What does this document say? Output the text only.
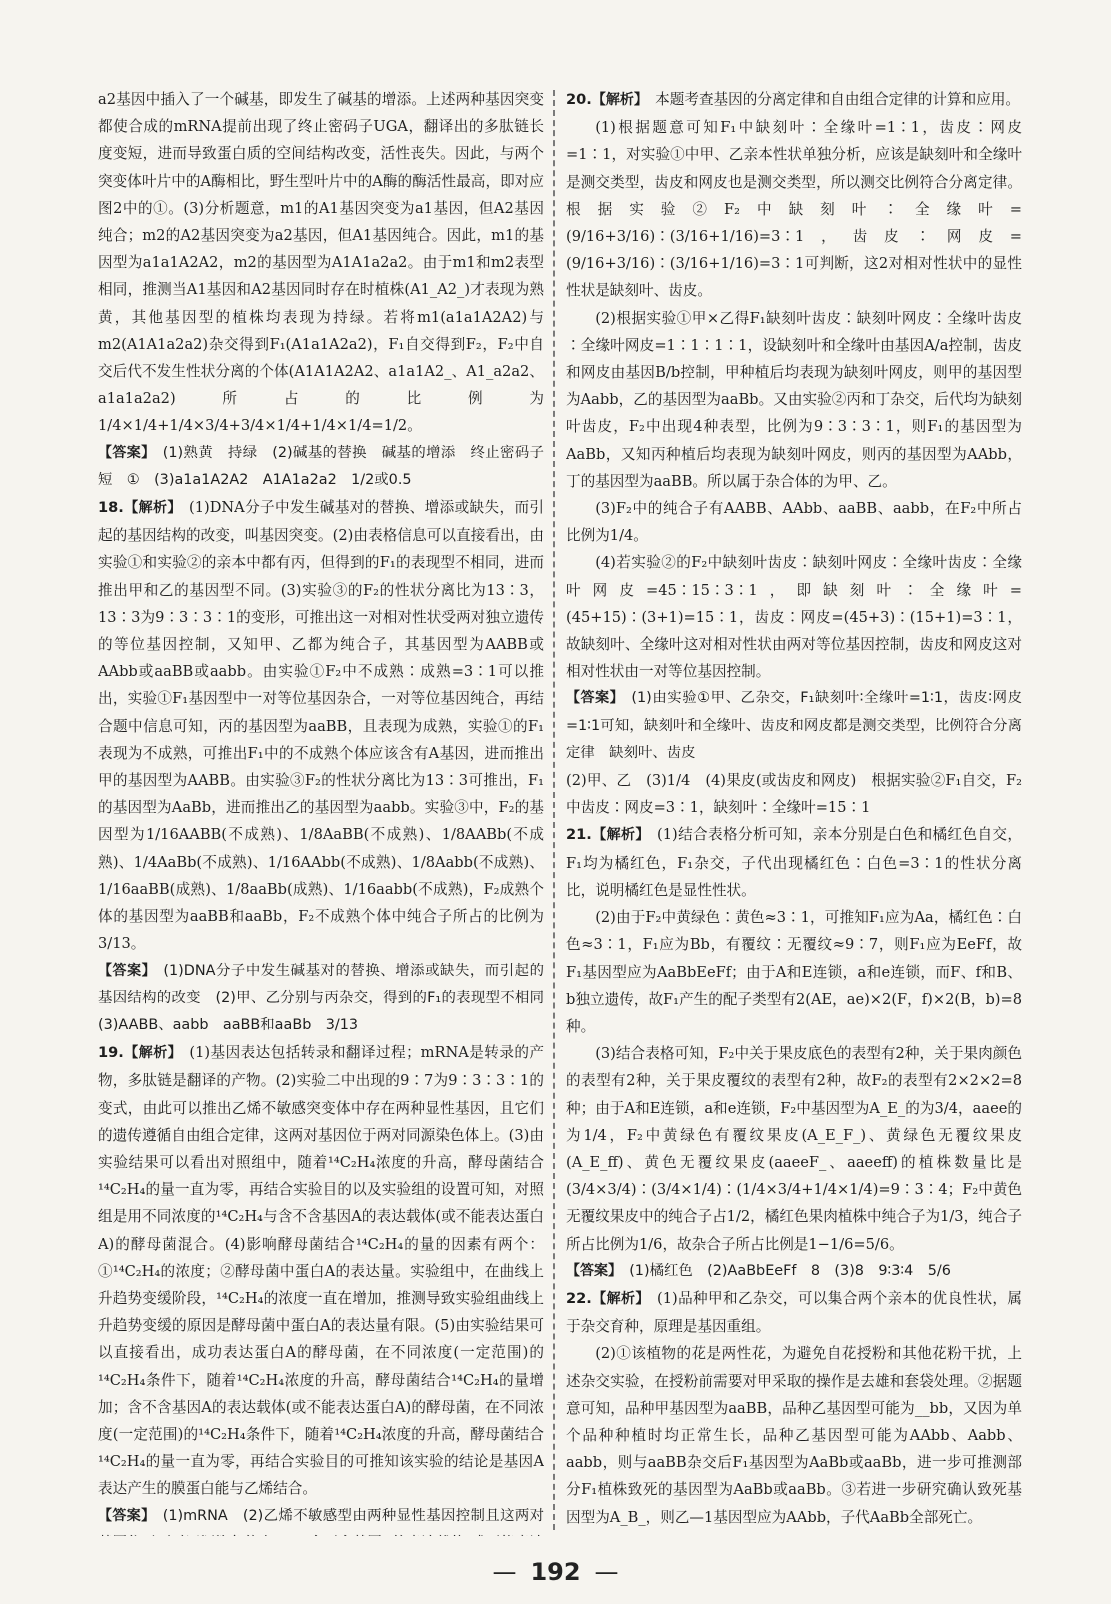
a2基因中插入了一个碱基，即发生了碱基的增添。上述两种基因突变都使合成的mRNA提前出现了终止密码子UGA，翻译出的多肽链长度变短，进而导致蛋白质的空间结构改变，活性丧失。因此，与两个突变体叶片中的A酶相比，野生型叶片中的A酶的酶活性最高，即对应图2中的①。(3)分析题意，m1的A1基因突变为a1基因，但A2基因纯合；m2的A2基因突变为a2基因，但A1基因纯合。因此，m1的基因型为a1a1A2A2，m2的基因型为A1A1a2a2。由于m1和m2表型相同，推测当A1基因和A2基因同时存在时植株(A1_A2_)才表现为熟黄，其他基因型的植株均表现为持绿。若将m1(a1a1A2A2)与m2(A1A1a2a2)杂交得到F₁(A1a1A2a2)，F₁自交得到F₂，F₂中自交后代不发生性状分离的个体(A1A1A2A2、a1a1A2_、A1_a2a2、a1a1a2a2)所占的比例为1/4×1/4+1/4×3/4+3/4×1/4+1/4×1/4=1/2。

【答案】 (1)熟黄　持绿　(2)碱基的替换　碱基的增添　终止密码子　短　①　(3)a1a1A2A2　A1A1a2a2　1/2或0.5

18.【解析】 (1)DNA分子中发生碱基对的替换、增添或缺失，而引起的基因结构的改变，叫基因突变。(2)由表格信息可以直接看出，由实验①和实验②的亲本中都有丙，但得到的F₁的表现型不相同，进而推出甲和乙的基因型不同。(3)实验③的F₂的性状分离比为13∶3，13∶3为9∶3∶3∶1的变形，可推出这一对相对性状受两对独立遗传的等位基因控制，又知甲、乙都为纯合子，其基因型为AABB或AAbb或aaBB或aabb。由实验①F₂中不成熟∶成熟=3∶1可以推出，实验①F₁基因型中一对等位基因杂合，一对等位基因纯合，再结合题中信息可知，丙的基因型为aaBB，且表现为成熟，实验①的F₁表现为不成熟，可推出F₁中的不成熟个体应该含有A基因，进而推出甲的基因型为AABB。由实验③F₂的性状分离比为13∶3可推出，F₁的基因型为AaBb，进而推出乙的基因型为aabb。实验③中，F₂的基因型为1/16AABB(不成熟)、1/8AaBB(不成熟)、1/8AABb(不成熟)、1/4AaBb(不成熟)、1/16AAbb(不成熟)、1/8Aabb(不成熟)、1/16aaBB(成熟)、1/8aaBb(成熟)、1/16aabb(不成熟)，F₂成熟个体的基因型为aaBB和aaBb，F₂不成熟个体中纯合子所占的比例为3/13。

【答案】 (1)DNA分子中发生碱基对的替换、增添或缺失，而引起的基因结构的改变　(2)甲、乙分别与丙杂交，得到的F₁的表现型不相同　(3)AABB、aabb　aaBB和aaBb　3/13

19.【解析】 (1)基因表达包括转录和翻译过程；mRNA是转录的产物，多肽链是翻译的产物。(2)实验二中出现的9∶7为9∶3∶3∶1的变式，由此可以推出乙烯不敏感突变体中存在两种显性基因，且它们的遗传遵循自由组合定律，这两对基因位于两对同源染色体上。(3)由实验结果可以看出对照组中，随着¹⁴C₂H₄浓度的升高，酵母菌结合¹⁴C₂H₄的量一直为零，再结合实验目的以及实验组的设置可知，对照组是用不同浓度的¹⁴C₂H₄与含不含基因A的表达载体(或不能表达蛋白A)的酵母菌混合。(4)影响酵母菌结合¹⁴C₂H₄的量的因素有两个：①¹⁴C₂H₄的浓度；②酵母菌中蛋白A的表达量。实验组中，在曲线上升趋势变缓阶段，¹⁴C₂H₄的浓度一直在增加，推测导致实验组曲线上升趋势变缓的原因是酵母菌中蛋白A的表达量有限。(5)由实验结果可以直接看出，成功表达蛋白A的酵母菌，在不同浓度(一定范围)的¹⁴C₂H₄条件下，随着¹⁴C₂H₄浓度的升高，酵母菌结合¹⁴C₂H₄的量增加；含不含基因A的表达载体(或不能表达蛋白A)的酵母菌，在不同浓度(一定范围)的¹⁴C₂H₄条件下，随着¹⁴C₂H₄浓度的升高，酵母菌结合¹⁴C₂H₄的量一直为零，再结合实验目的可推知该实验的结论是基因A表达产生的膜蛋白能与乙烯结合。

【答案】 (1)mRNA　(2)乙烯不敏感型由两种显性基因控制且这两对　　　

20.【解析】 本题考查基因的分离定律和自由组合定律的计算和应用。

(1)根据题意可知F₁中缺刻叶∶全缘叶=1∶1，齿皮∶网皮=1∶1，对实验①中甲、乙亲本性状单独分析，应该是缺刻叶和全缘叶是测交类型，齿皮和网皮也是测交类型，所以测交比例符合分离定律。根据实验②F₂中缺刻叶∶全缘叶=(9/16+3/16)∶(3/16+1/16)=3∶1，齿皮∶网皮=(9/16+3/16)∶(3/16+1/16)=3∶1可判断，这2对相对性状中的显性性状是缺刻叶、齿皮。

(2)根据实验①甲×乙得F₁缺刻叶齿皮∶缺刻叶网皮∶全缘叶齿皮∶全缘叶网皮=1∶1∶1∶1，设缺刻叶和全缘叶由基因A/a控制，齿皮和网皮由基因B/b控制，甲种植后均表现为缺刻叶网皮，则甲的基因型为Aabb，乙的基因型为aaBb。又由实验②丙和丁杂交，后代均为缺刻叶齿皮，F₂中出现4种表型，比例为9∶3∶3∶1，则F₁的基因型为AaBb，又知丙种植后均表现为缺刻叶网皮，则丙的基因型为AAbb，丁的基因型为aaBB。所以属于杂合体的为甲、乙。

(3)F₂中的纯合子有AABB、AAbb、aaBB、aabb，在F₂中所占比例为1/4。

(4)若实验②的F₂中缺刻叶齿皮∶缺刻叶网皮∶全缘叶齿皮∶全缘叶网皮=45∶15∶3∶1，即缺刻叶∶全缘叶=(45+15)∶(3+1)=15∶1，齿皮∶网皮=(45+3)∶(15+1)=3∶1，故缺刻叶、全缘叶这对相对性状由两对等位基因控制，齿皮和网皮这对相对性状由一对等位基因控制。

【答案】 (1)由实验①甲、乙杂交，F₁缺刻叶∶全缘叶=1∶1，齿皮∶网皮=1∶1可知，缺刻叶和全缘叶、齿皮和网皮都是测交类型，比例符合分离定律　缺刻叶、齿皮

(2)甲、乙　(3)1/4　(4)果皮(或齿皮和网皮)　根据实验②F₁自交，F₂中齿皮∶网皮=3∶1，缺刻叶∶全缘叶=15∶1

21.【解析】 (1)结合表格分析可知，亲本分别是白色和橘红色自交，F₁均为橘红色，F₁杂交，子代出现橘红色∶白色=3∶1的性状分离比，说明橘红色是显性性状。

(2)由于F₂中黄绿色∶黄色≈3∶1，可推知F₁应为Aa，橘红色∶白色≈3∶1，F₁应为Bb，有覆纹∶无覆纹≈9∶7，则F₁应为EeFf，故F₁基因型应为AaBbEeFf；由于A和E连锁，a和e连锁，而F、f和B、b独立遗传，故F₁产生的配子类型有2(AE，ae)×2(F，f)×2(B，b)=8种。

(3)结合表格可知，F₂中关于果皮底色的表型有2种，关于果肉颜色的表型有2种，关于果皮覆纹的表型有2种，故F₂的表型有2×2×2=8种；由于A和E连锁，a和e连锁，F₂中基因型为A_E_的为3/4，aaee的为1/4，F₂中黄绿色有覆纹果皮(A_E_F_)、黄绿色无覆纹果皮(A_E_ff)、黄色无覆纹果皮(aaeeF_、aaeeff)的植株数量比是(3/4×3/4)∶(3/4×1/4)∶(1/4×3/4+1/4×1/4)=9∶3∶4；F₂中黄色无覆纹果皮中的纯合子占1/2，橘红色果肉植株中纯合子为1/3，纯合子所占比例为1/6，故杂合子所占比例是1−1/6=5/6。

【答案】 (1)橘红色　(2)AaBbEeFf　8　(3)8　9∶3∶4　5/6

22.【解析】 (1)品种甲和乙杂交，可以集合两个亲本的优良性状，属于杂交育种，原理是基因重组。

(2)①该植物的花是两性花，为避免自花授粉和其他花粉干扰，上述杂交实验，在授粉前需要对甲采取的操作是去雄和套袋处理。②据题意可知，品种甲基因型为aaBB，品种乙基因型可能为__bb，又因为单个品种种植时均正常生长，品种乙基因型可能为AAbb、Aabb、aabb，则与aaBB杂交后F₁基因型为AaBb或aaBb，进一步可推测部分F₁植株致死的基因型为AaBb或aaBb。③若进一步研究确认致死基因型为A_B_，则乙—1基因型应为AAbb，子代AaBb全部死亡。

— 192 —
